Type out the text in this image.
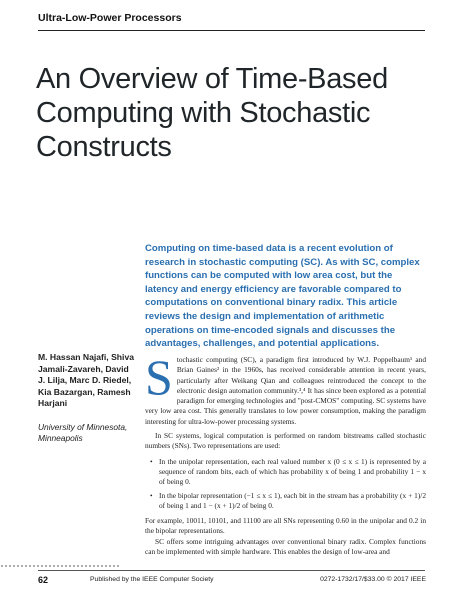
Ultra-Low-Power Processors
An Overview of Time-Based Computing with Stochastic Constructs

Computing on time-based data is a recent evolution of research in stochastic computing (SC). As with SC, complex functions can be computed with low area cost, but the latency and energy efficiency are favorable compared to computations on conventional binary radix. This article reviews the design and implementation of arithmetic operations on time-encoded signals and discusses the advantages, challenges, and potential applications.

M. Hassan Najafi, Shiva Jamali-Zavareh, David J. Lilja, Marc D. Riedel, Kia Bazargan, Ramesh Harjani

University of Minnesota, Minneapolis

Stochastic computing (SC), a paradigm first introduced by W.J. Poppelbaum¹ and Brian Gaines² in the 1960s, has received considerable attention in recent years, particularly after Weikang Qian and colleagues reintroduced the concept to the electronic design automation community.³,⁴ It has since been explored as a potential paradigm for emerging technologies and "post-CMOS" computing. SC systems have very low area cost. This generally translates to low power consumption, making the paradigm interesting for ultra-low-power processing systems.

In SC systems, logical computation is performed on random bitstreams called stochastic numbers (SNs). Two representations are used:

• In the unipolar representation, each real valued number x (0 ≤ x ≤ 1) is represented by a sequence of random bits, each of which has probability x of being 1 and probability 1 − x of being 0.
• In the bipolar representation (−1 ≤ x ≤ 1), each bit in the stream has a probability (x + 1)/2 of being 1 and 1 − (x + 1)/2 of being 0.

For example, 10011, 10101, and 11100 are all SNs representing 0.60 in the unipolar and 0.2 in the bipolar representations.

SC offers some intriguing advantages over conventional binary radix. Complex functions can be implemented with simple hardware. This enables the design of low-area and

62	Published by the IEEE Computer Society	0272-1732/17/$33.00 © 2017 IEEE
